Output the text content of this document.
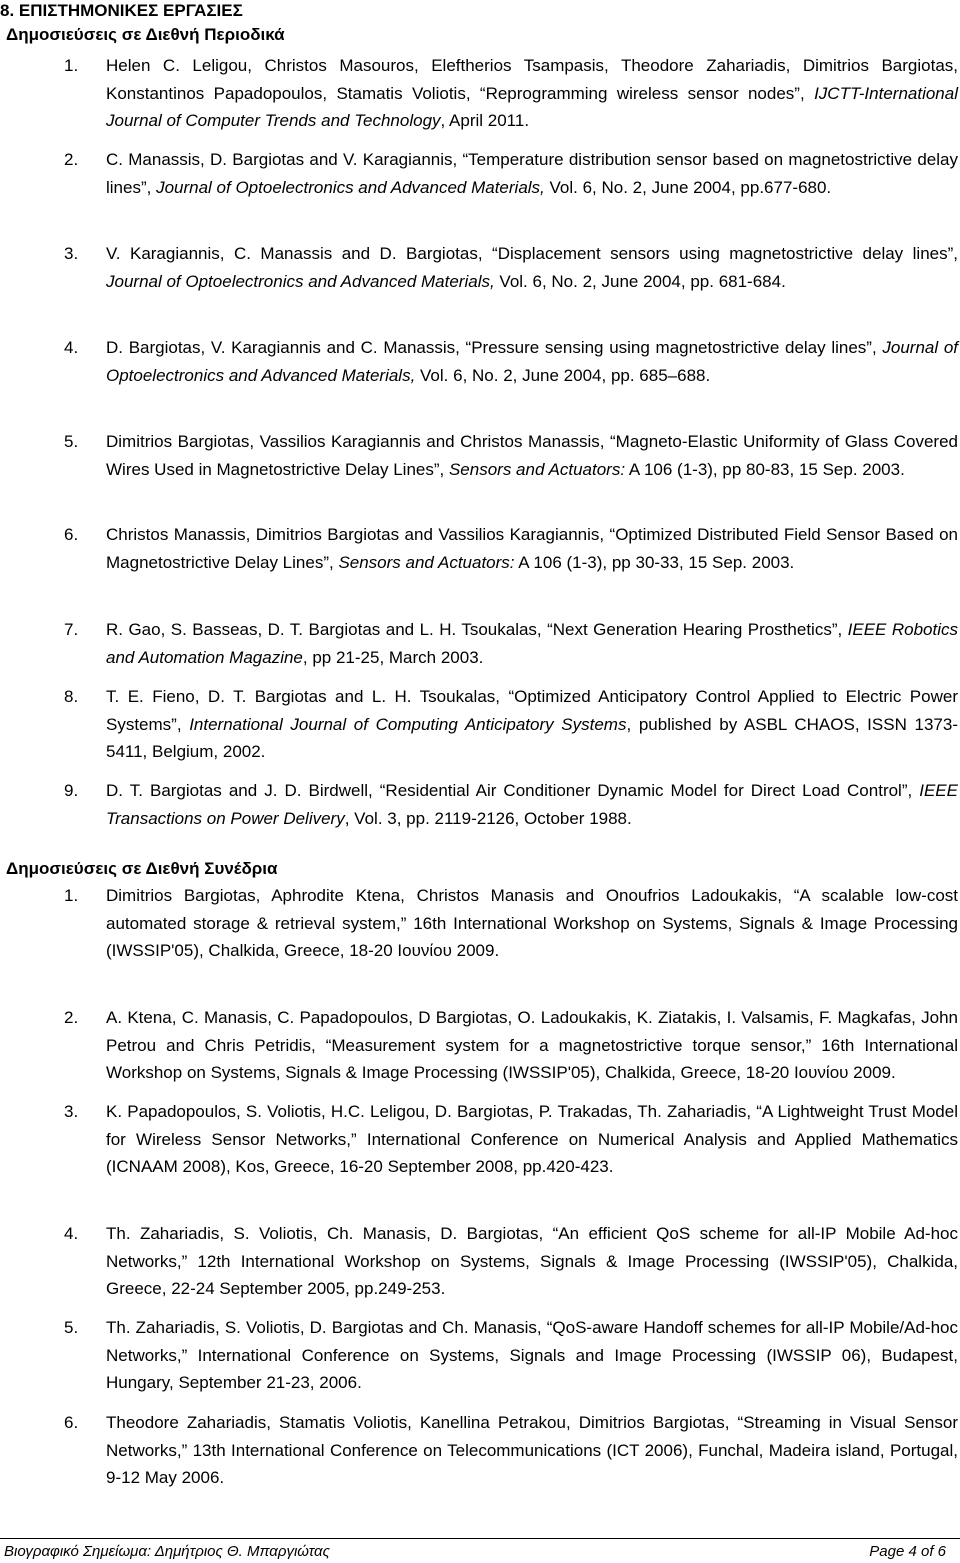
8. ΕΠΙΣΤΗΜΟΝΙΚΕΣ ΕΡΓΑΣΙΕΣ
Δημοσιεύσεις σε Διεθνή Περιοδικά
1.	Helen C. Leligou, Christos Masouros, Eleftherios Tsampasis, Theodore Zahariadis, Dimitrios Bargiotas, Konstantinos Papadopoulos, Stamatis Voliotis, “Reprogramming wireless sensor nodes”, IJCTT-International Journal of Computer Trends and Technology, April 2011.
2.	C. Manassis, D. Bargiotas and V. Karagiannis, “Temperature distribution sensor based on magnetostrictive delay lines”, Journal of Optoelectronics and Advanced Materials, Vol. 6, No. 2, June 2004, pp.677-680.
3.	V. Karagiannis, C. Manassis and D. Bargiotas, “Displacement sensors using magnetostrictive delay lines”, Journal of Optoelectronics and Advanced Materials, Vol. 6, No. 2, June 2004, pp. 681-684.
4.	D. Bargiotas, V. Karagiannis and C. Manassis, “Pressure sensing using magnetostrictive delay lines”, Journal of Optoelectronics and Advanced Materials, Vol. 6, No. 2, June 2004, pp. 685–688.
5.	Dimitrios Bargiotas, Vassilios Karagiannis and Christos Manassis, “Magneto-Elastic Uniformity of Glass Covered Wires Used in Magnetostrictive Delay Lines”, Sensors and Actuators: A 106 (1-3), pp 80-83, 15 Sep. 2003.
6.	Christos Manassis, Dimitrios Bargiotas and Vassilios Karagiannis, “Optimized Distributed Field Sensor Based on Magnetostrictive Delay Lines”, Sensors and Actuators: A 106 (1-3), pp 30-33, 15 Sep. 2003.
7.	R. Gao, S. Basseas, D. T. Bargiotas and L. H. Tsoukalas, “Next Generation Hearing Prosthetics”, IEEE Robotics and Automation Magazine, pp 21-25, March 2003.
8.	T. E. Fieno, D. T. Bargiotas and L. H. Tsoukalas, “Optimized Anticipatory Control Applied to Electric Power Systems”, International Journal of Computing Anticipatory Systems, published by ASBL CHAOS, ISSN 1373-5411, Belgium, 2002.
9.	D. T. Bargiotas and J. D. Birdwell, “Residential Air Conditioner Dynamic Model for Direct Load Control”, IEEE Transactions on Power Delivery, Vol. 3, pp. 2119-2126, October 1988.
Δημοσιεύσεις σε Διεθνή Συνέδρια
1.	Dimitrios Bargiotas, Aphrodite Ktena, Christos Manasis and Onoufrios Ladoukakis, “A scalable low-cost automated storage & retrieval system,” 16th International Workshop on Systems, Signals & Image Processing (IWSSIP'05), Chalkida, Greece, 18-20 Ιουνίου 2009.
2.	A. Ktena, C. Manasis, C. Papadopoulos, D Bargiotas, O. Ladoukakis, K. Ziatakis, I. Valsamis, F. Magkafas, John Petrou and Chris Petridis, “Measurement system for a magnetostrictive torque sensor,” 16th International Workshop on Systems, Signals & Image Processing (IWSSIP'05), Chalkida, Greece, 18-20 Ιουνίου 2009.
3.	K. Papadopoulos, S. Voliotis, H.C. Leligou, D. Bargiotas, P. Trakadas, Th. Zahariadis, “A Lightweight Trust Model for Wireless Sensor Networks,” International Conference on Numerical Analysis and Applied Mathematics (ICNAAM 2008), Kos, Greece, 16-20 September 2008, pp.420-423.
4.	Th. Zahariadis, S. Voliotis, Ch. Manasis, D. Bargiotas, “An efficient QoS scheme for all-IP Mobile Ad-hoc Networks,” 12th International Workshop on Systems, Signals & Image Processing (IWSSIP'05), Chalkida, Greece, 22-24 September 2005, pp.249-253.
5.	Th. Zahariadis, S. Voliotis, D. Bargiotas and Ch. Manasis, “QoS-aware Handoff schemes for all-IP Mobile/Ad-hoc Networks,” International Conference on Systems, Signals and Image Processing (IWSSIP 06), Budapest, Hungary, September 21-23, 2006.
6.	Theodore Zahariadis, Stamatis Voliotis, Kanellina Petrakou, Dimitrios Bargiotas, “Streaming in Visual Sensor Networks,” 13th International Conference on Telecommunications (ICT 2006), Funchal, Madeira island, Portugal, 9-12 May 2006.
Βιογραφικό Σημείωμα: Δημήτριος Θ. Μπαργιώτας	Page 4 of 6
